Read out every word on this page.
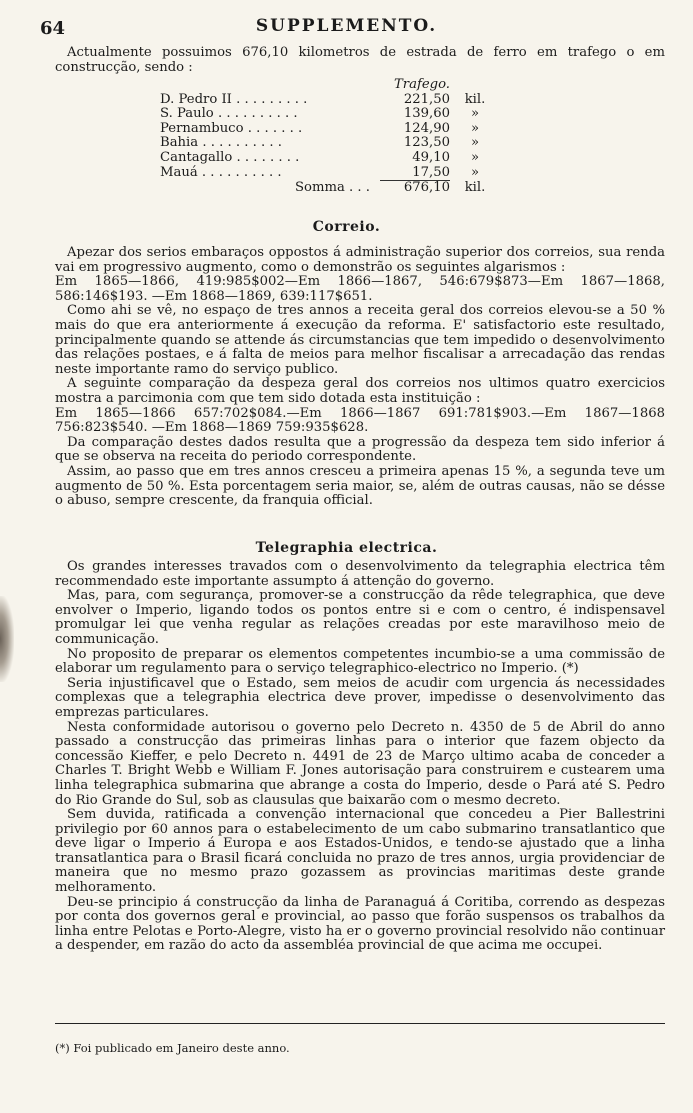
64	SUPPLEMENTO.

Actualmente possuimos 676,10 kilometros de estrada de ferro em trafego o em construcção, sendo :

	Trafego.	
D. Pedro II . . . . . . . . .	221,50	kil.
S. Paulo . . . . . . . . . .	139,60	»
Pernambuco . . . . . . .	124,90	»
Bahia . . . . . . . . . .	123,50	»
Cantagallo . . . . . . . .	49,10	»
Mauá . . . . . . . . . .	17,50	»
Somma . . .	676,10	kil.
Correio.

Apezar dos serios embaraços oppostos á administração superior dos correios, sua renda vai em progressivo augmento, como o demonstrão os seguintes algarismos :

Em 1865—1866, 419:985$002—Em 1866—1867, 546:679$873—Em 1867—1868, 586:146$193. —Em 1868—1869, 639:117$651.

Como ahi se vê, no espaço de tres annos a receita geral dos correios elevou-se a 50 % mais do que era anteriormente á execução da reforma. E' satisfactorio este resultado, principalmente quando se attende ás circumstancias que tem impedido o desenvolvimento das relações postaes, e á falta de meios para melhor fiscalisar a arrecadação das rendas neste importante ramo do serviço publico.

A seguinte comparação da despeza geral dos correios nos ultimos quatro exercicios mostra a parcimonia com que tem sido dotada esta instituição :

Em 1865—1866 657:702$084.—Em 1866—1867 691:781$903.—Em 1867—1868 756:823$540. —Em 1868—1869 759:935$628.

Da comparação destes dados resulta que a progressão da despeza tem sido inferior á que se observa na receita do periodo correspondente.

Assim, ao passo que em tres annos cresceu a primeira apenas 15 %, a segunda teve um augmento de 50 %. Esta porcentagem seria maior, se, além de outras causas, não se désse o abuso, sempre crescente, da franquia official.

Telegraphia electrica.

Os grandes interesses travados com o desenvolvimento da telegraphia electrica têm recommendado este importante assumpto á attenção do governo.

Mas, para, com segurança, promover-se a construcção da rêde telegraphica, que deve envolver o Imperio, ligando todos os pontos entre si e com o centro, é indispensavel promulgar lei que venha regular as relações creadas por este maravilhoso meio de communicação.

No proposito de preparar os elementos competentes incumbio-se a uma commissão de elaborar um regulamento para o serviço telegraphico-electrico no Imperio. (*)

Seria injustificavel que o Estado, sem meios de acudir com urgencia ás necessidades complexas que a telegraphia electrica deve prover, impedisse o desenvolvimento das emprezas particulares.

Nesta conformidade autorisou o governo pelo Decreto n. 4350 de 5 de Abril do anno passado a construcção das primeiras linhas para o interior que fazem objecto da concessão Kieffer, e pelo Decreto n. 4491 de 23 de Março ultimo acaba de conceder a Charles T. Bright Webb e William F. Jones autorisação para construirem e custearem uma linha telegraphica submarina que abrange a costa do Imperio, desde o Pará até S. Pedro do Rio Grande do Sul, sob as clausulas que baixarão com o mesmo decreto.

Sem duvida, ratificada a convenção internacional que concedeu a Pier Ballestrini privilegio por 60 annos para o estabelecimento de um cabo submarino transatlantico que deve ligar o Imperio á Europa e aos Estados-Unidos, e tendo-se ajustado que a linha transatlantica para o Brasil ficará concluida no prazo de tres annos, urgia providenciar de maneira que no mesmo prazo gozassem as provincias maritimas deste grande melhoramento.

Deu-se principio á construcção da linha de Paranaguá á Coritiba, correndo as despezas por conta dos governos geral e provincial, ao passo que forão suspensos os trabalhos da linha entre Pelotas e Porto-Alegre, visto ha er o governo provincial resolvido não continuar a despender, em razão do acto da assembléa provincial de que acima me occupei.

(*) Foi publicado em Janeiro deste anno.
